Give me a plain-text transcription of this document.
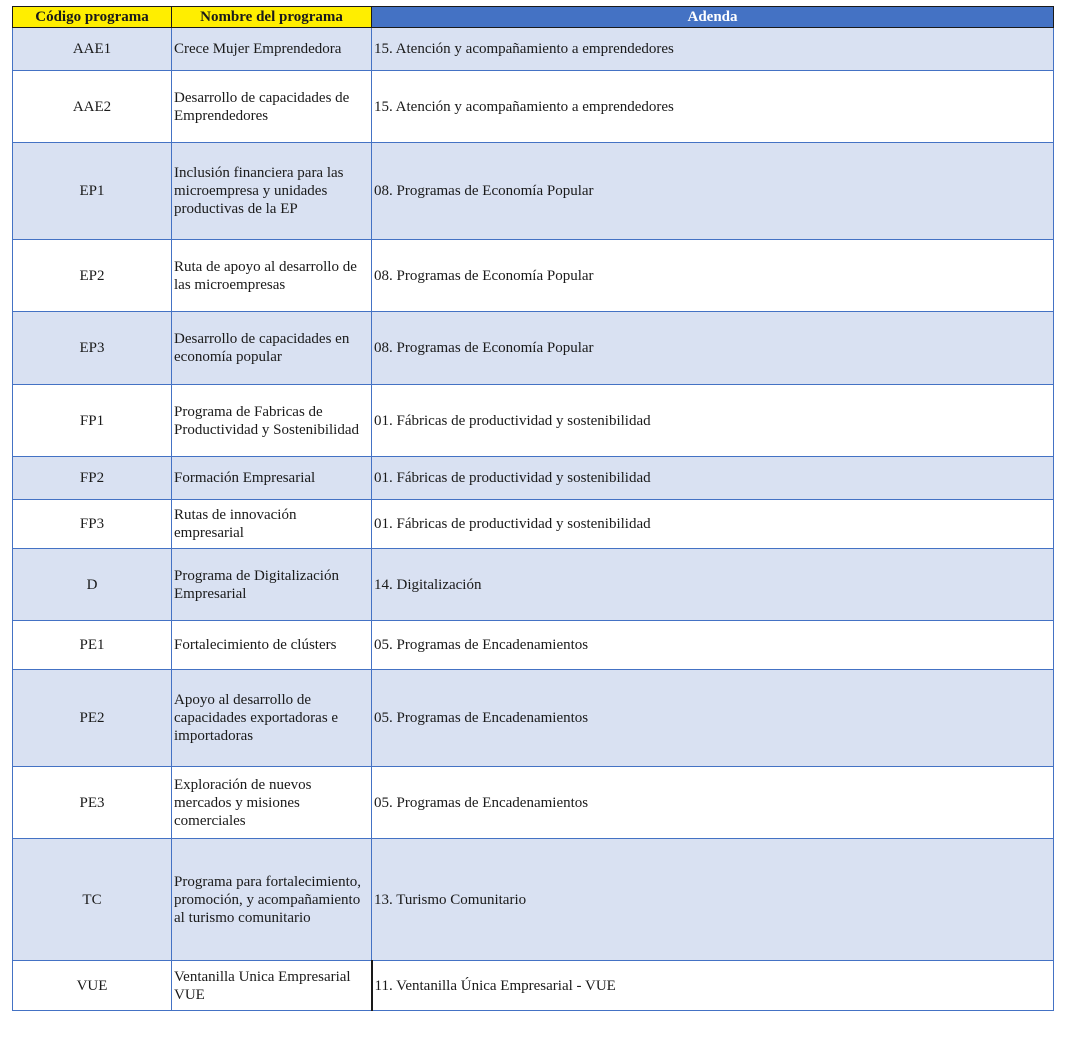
Código programa	Nombre del programa	Adenda
AAE1	Crece Mujer Emprendedora	15. Atención y acompañamiento a emprendedores
AAE2	Desarrollo de capacidades de Emprendedores	15. Atención y acompañamiento a emprendedores
EP1	Inclusión financiera para las microempresa y unidades productivas de la EP	08. Programas de Economía Popular
EP2	Ruta de apoyo al desarrollo de las microempresas	08. Programas de Economía Popular
EP3	Desarrollo de capacidades en economía popular	08. Programas de Economía Popular
FP1	Programa de Fabricas de Productividad y Sostenibilidad	01. Fábricas de productividad y sostenibilidad
FP2	Formación Empresarial	01. Fábricas de productividad y sostenibilidad
FP3	Rutas de innovación empresarial	01. Fábricas de productividad y sostenibilidad
D	Programa de Digitalización Empresarial	14. Digitalización
PE1	Fortalecimiento de clústers	05. Programas de Encadenamientos
PE2	Apoyo al desarrollo de capacidades exportadoras e importadoras	05. Programas de Encadenamientos
PE3	Exploración de nuevos mercados y misiones comerciales	05. Programas de Encadenamientos
TC	Programa para fortalecimiento, promoción, y acompañamiento al turismo comunitario	13. Turismo Comunitario
VUE	Ventanilla Unica Empresarial VUE	11. Ventanilla Única Empresarial - VUE
